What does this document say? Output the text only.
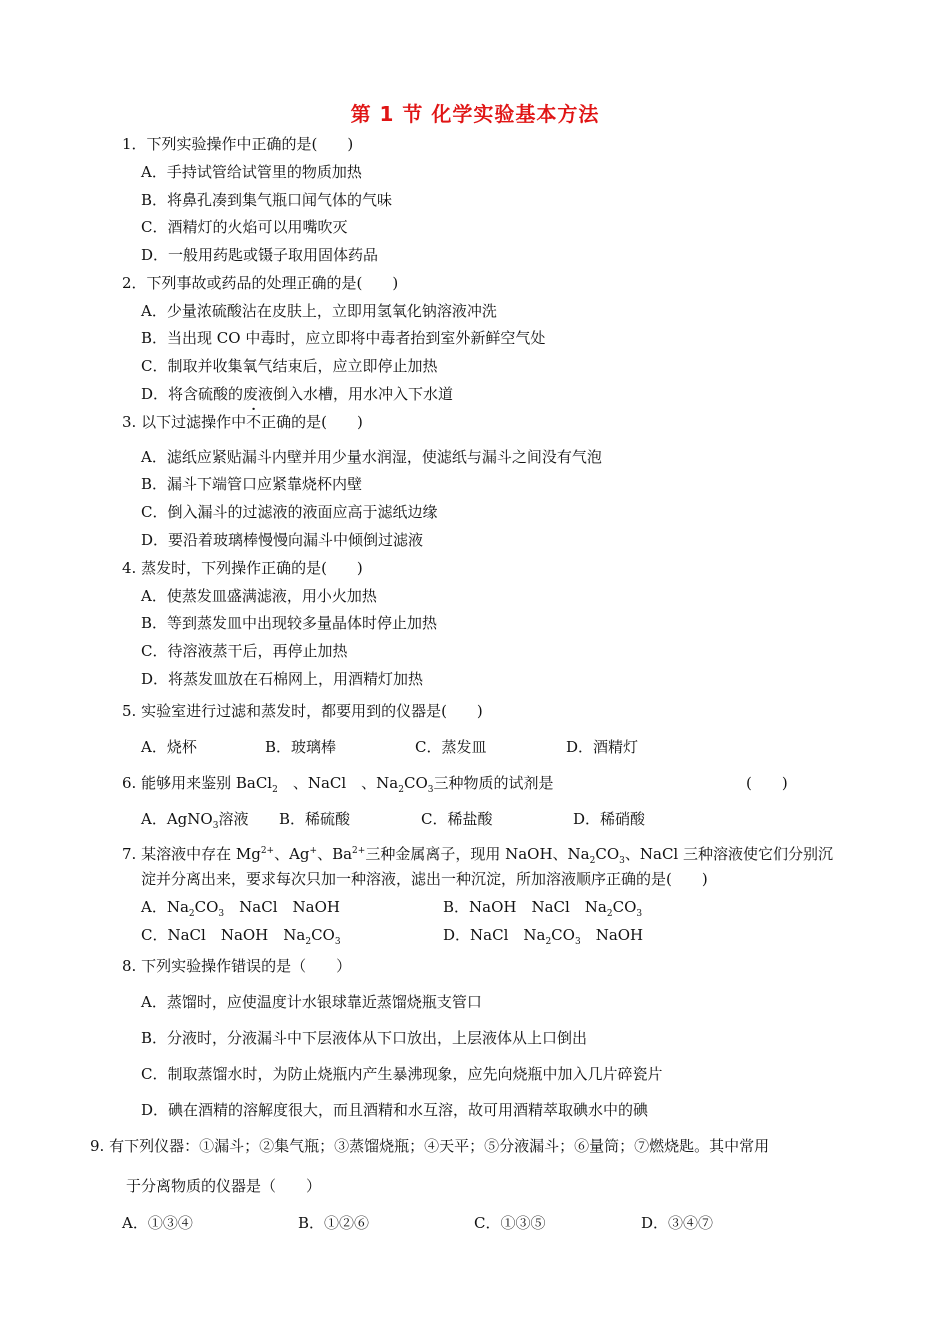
第 1 节 化学实验基本方法
1．下列实验操作中正确的是(　　)
A．手持试管给试管里的物质加热
B．将鼻孔凑到集气瓶口闻气体的气味
C．酒精灯的火焰可以用嘴吹灭
D．一般用药匙或镊子取用固体药品
2．下列事故或药品的处理正确的是(　　)
A．少量浓硫酸沾在皮肤上，立即用氢氧化钠溶液冲洗
B．当出现 CO 中毒时，应立即将中毒者抬到室外新鲜空气处
C．制取并收集氧气结束后，应立即停止加热
D．将含硫酸的废液倒入水槽，用水冲入下水道
3. 以下过滤操作中不正确的是(　　)
A．滤纸应紧贴漏斗内壁并用少量水润湿，使滤纸与漏斗之间没有气泡
B．漏斗下端管口应紧靠烧杯内壁
C．倒入漏斗的过滤液的液面应高于滤纸边缘
D．要沿着玻璃棒慢慢向漏斗中倾倒过滤液
4. 蒸发时，下列操作正确的是(　　)
A．使蒸发皿盛满滤液，用小火加热
B．等到蒸发皿中出现较多量晶体时停止加热
C．待溶液蒸干后，再停止加热
D．将蒸发皿放在石棉网上，用酒精灯加热
5. 实验室进行过滤和蒸发时，都要用到的仪器是(　　)
A．烧杯	B．玻璃棒	C．蒸发皿	D．酒精灯
6. 能够用来鉴别 BaCl$_2$　、NaCl　、$Na_2CO_3$三种物质的试剂是	(　　)
A．AgNO$_3$溶液 B．稀硫酸	C．稀盐酸	D．稀硝酸
7. 某溶液中存在 $Mg^{2+}$、Ag+、$Ba^{2+}$三种金属离子，现用 NaOH、$Na_2CO_3$、NaCl 三种溶液使它们分别沉
淀并分离出来，要求每次只加一种溶液，滤出一种沉淀，所加溶液顺序正确的是(　　)
A．$Na_2CO_3$　NaCl　NaOH	B．NaOH　NaCl　$Na_2CO_3$
C．NaCl　NaOH　$Na_2CO_3$	D．NaCl　$Na_2CO_3$　NaOH
8. 下列实验操作错误的是（　　）
A．蒸馏时，应使温度计水银球靠近蒸馏烧瓶支管口
B．分液时，分液漏斗中下层液体从下口放出，上层液体从上口倒出
C．制取蒸馏水时，为防止烧瓶内产生暴沸现象，应先向烧瓶中加入几片碎瓷片
D．碘在酒精的溶解度很大，而且酒精和水互溶，故可用酒精萃取碘水中的碘
9. 有下列仪器：①漏斗；②集气瓶；③蒸馏烧瓶；④天平；⑤分液漏斗；⑥量筒；⑦燃烧匙。其中常用
于分离物质的仪器是（　　）
A．①③④	B．①②⑥	C．①③⑤	D．③④⑦
